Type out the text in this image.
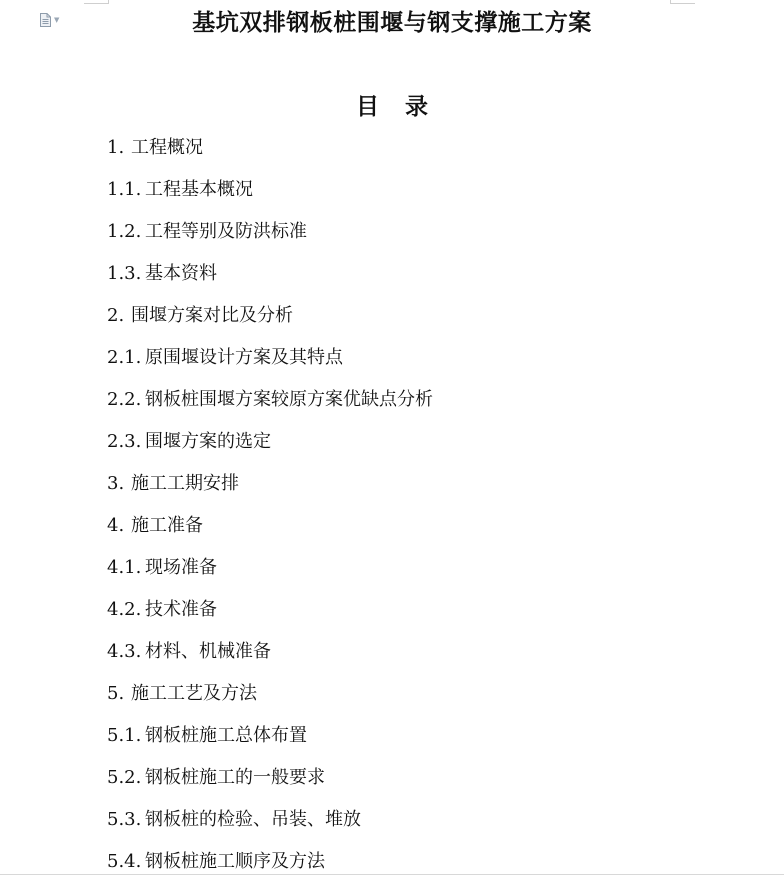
▼	基坑双排钢板桩围堰与钢支撑施工方案
目录
1. 工程概况
1.1. 工程基本概况
1.2. 工程等别及防洪标准
1.3. 基本资料
2. 围堰方案对比及分析
2.1. 原围堰设计方案及其特点
2.2. 钢板桩围堰方案较原方案优缺点分析
2.3. 围堰方案的选定
3. 施工工期安排
4. 施工准备
4.1. 现场准备
4.2. 技术准备
4.3. 材料、机械准备
5. 施工工艺及方法
5.1. 钢板桩施工总体布置
5.2. 钢板桩施工的一般要求
5.3. 钢板桩的检验、吊装、堆放
5.4. 钢板桩施工顺序及方法
